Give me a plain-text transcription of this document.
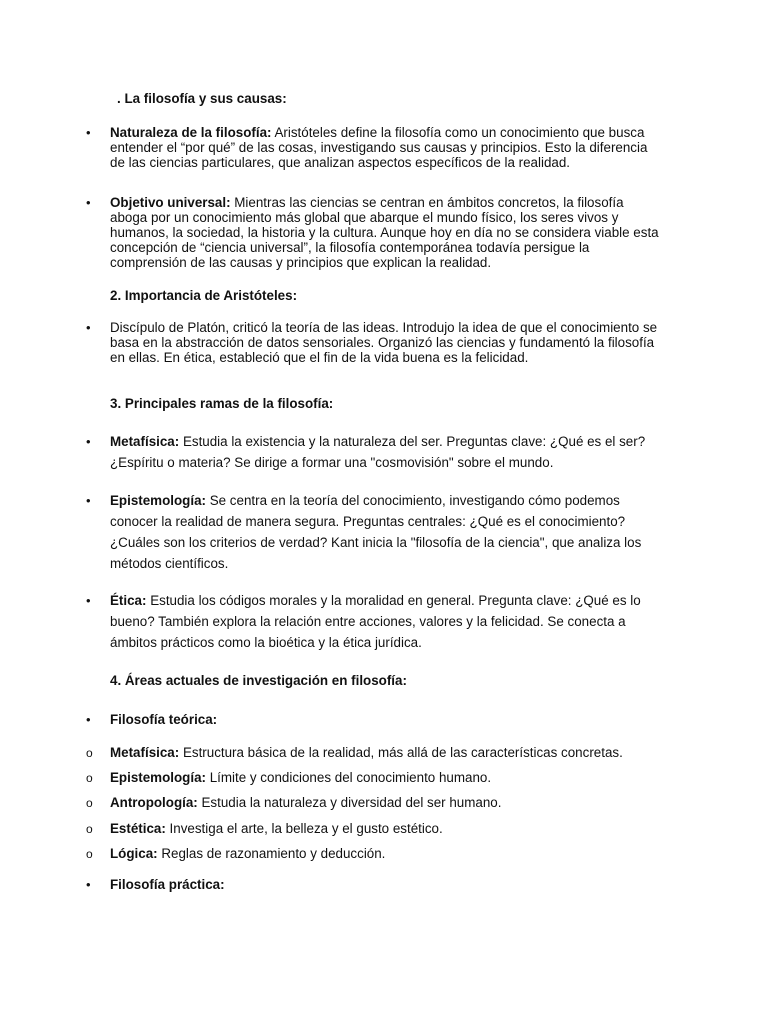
. La filosofía y sus causas:
• Naturaleza de la filosofía: Aristóteles define la filosofía como un conocimiento que busca entender el “por qué” de las cosas, investigando sus causas y principios. Esto la diferencia de las ciencias particulares, que analizan aspectos específicos de la realidad.
• Objetivo universal: Mientras las ciencias se centran en ámbitos concretos, la filosofía aboga por un conocimiento más global que abarque el mundo físico, los seres vivos y humanos, la sociedad, la historia y la cultura. Aunque hoy en día no se considera viable esta concepción de “ciencia universal”, la filosofía contemporánea todavía persigue la comprensión de las causas y principios que explican la realidad.
2. Importancia de Aristóteles:
• Discípulo de Platón, criticó la teoría de las ideas. Introdujo la idea de que el conocimiento se basa en la abstracción de datos sensoriales. Organizó las ciencias y fundamentó la filosofía en ellas. En ética, estableció que el fin de la vida buena es la felicidad.
3. Principales ramas de la filosofía:
• Metafísica: Estudia la existencia y la naturaleza del ser. Preguntas clave: ¿Qué es el ser? ¿Espíritu o materia? Se dirige a formar una "cosmovisión" sobre el mundo.
• Epistemología: Se centra en la teoría del conocimiento, investigando cómo podemos conocer la realidad de manera segura. Preguntas centrales: ¿Qué es el conocimiento? ¿Cuáles son los criterios de verdad? Kant inicia la "filosofía de la ciencia", que analiza los métodos científicos.
• Ética: Estudia los códigos morales y la moralidad en general. Pregunta clave: ¿Qué es lo bueno? También explora la relación entre acciones, valores y la felicidad. Se conecta a ámbitos prácticos como la bioética y la ética jurídica.
4. Áreas actuales de investigación en filosofía:
• Filosofía teórica:
o Metafísica: Estructura básica de la realidad, más allá de las características concretas.
o Epistemología: Límite y condiciones del conocimiento humano.
o Antropología: Estudia la naturaleza y diversidad del ser humano.
o Estética: Investiga el arte, la belleza y el gusto estético.
o Lógica: Reglas de razonamiento y deducción.
• Filosofía práctica:
